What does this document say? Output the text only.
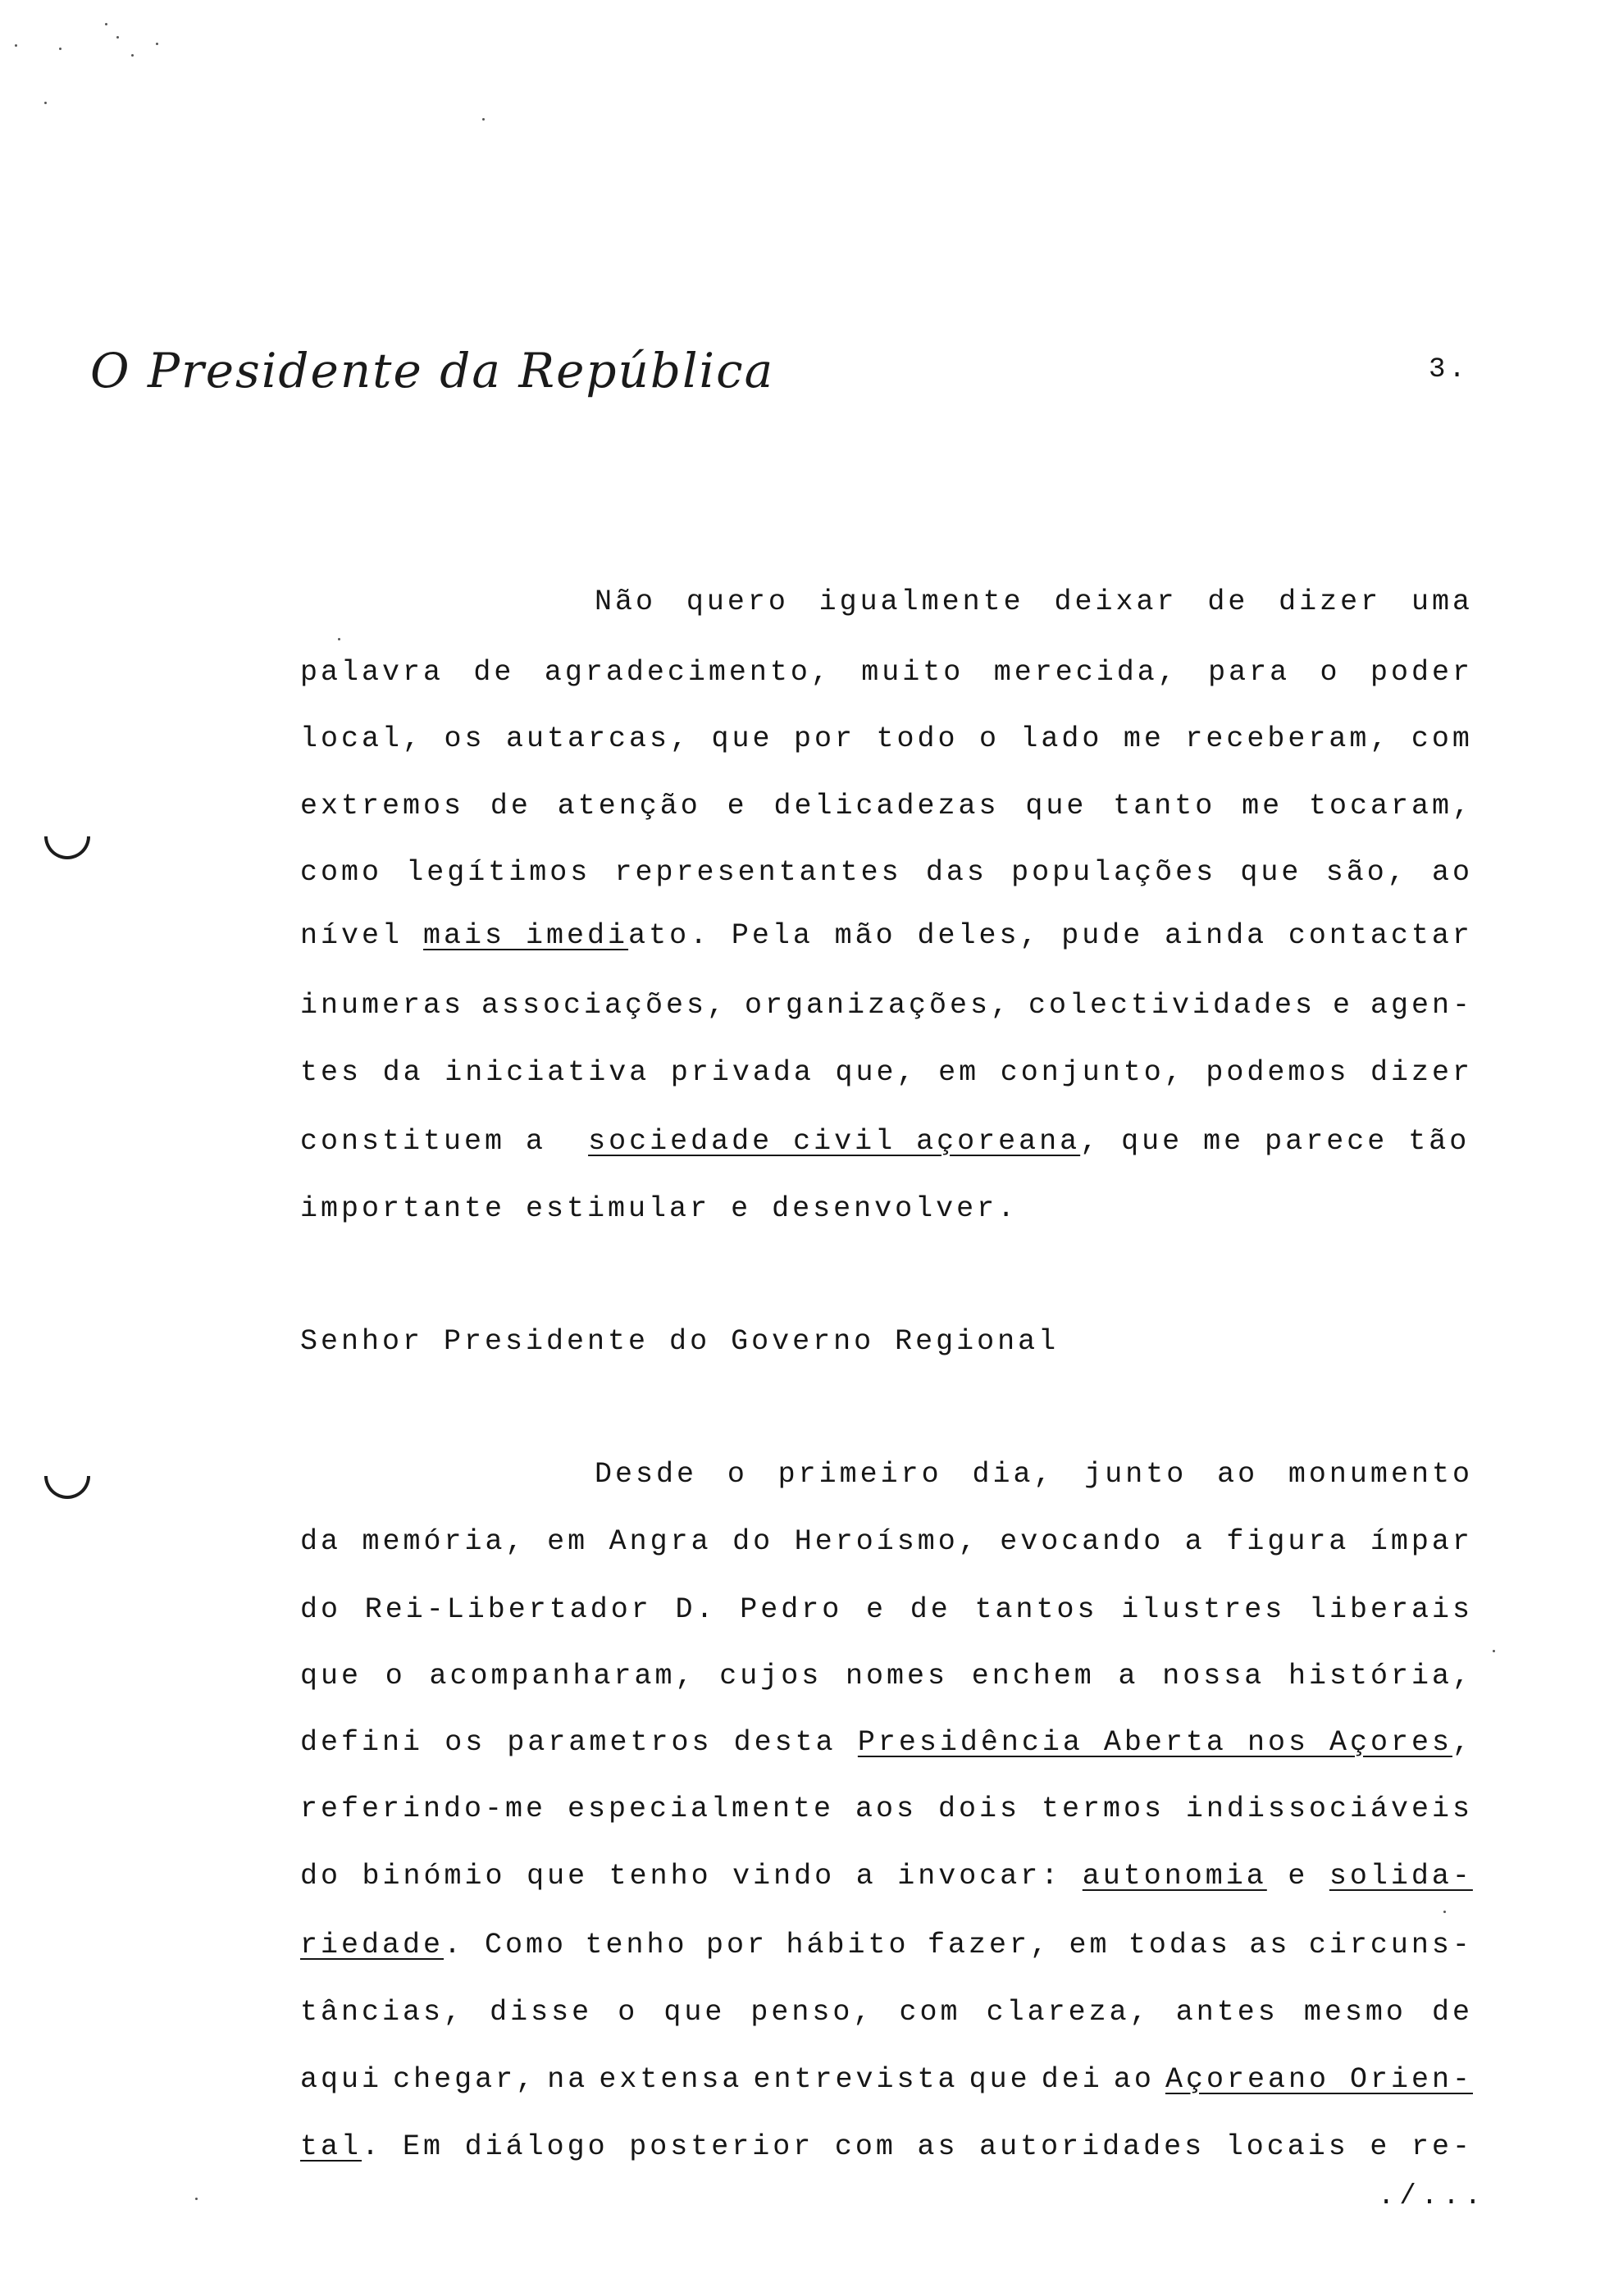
O Presidente da República	3.
Não quero igualmente deixar de dizer uma
palavra de agradecimento, muito merecida, para o poder
local, os autarcas, que por todo o lado me receberam, com
extremos de atenção e delicadezas que tanto me tocaram,
como legítimos representantes das populações que são, ao
nível mais imediato. Pela mão deles, pude ainda contactar
inumeras associações, organizações, colectividades e agen-
tes da iniciativa privada que, em conjunto, podemos dizer
constituem a sociedade civil açoreana, que me parece tão
importante estimular e desenvolver.
Senhor Presidente do Governo Regional
Desde o primeiro dia, junto ao monumento
da memória, em Angra do Heroísmo, evocando a figura ímpar
do Rei-Libertador D. Pedro e de tantos ilustres liberais
que o acompanharam, cujos nomes enchem a nossa história,
defini os parametros desta Presidência Aberta nos Açores,
referindo-me especialmente aos dois termos indissociáveis
do binómio que tenho vindo a invocar: autonomia e solida-
riedade. Como tenho por hábito fazer, em todas as circuns-
tâncias, disse o que penso, com clareza, antes mesmo de
aqui chegar, na extensa entrevista que dei ao Açoreano Orien-
tal. Em diálogo posterior com as autoridades locais e re-
./...
